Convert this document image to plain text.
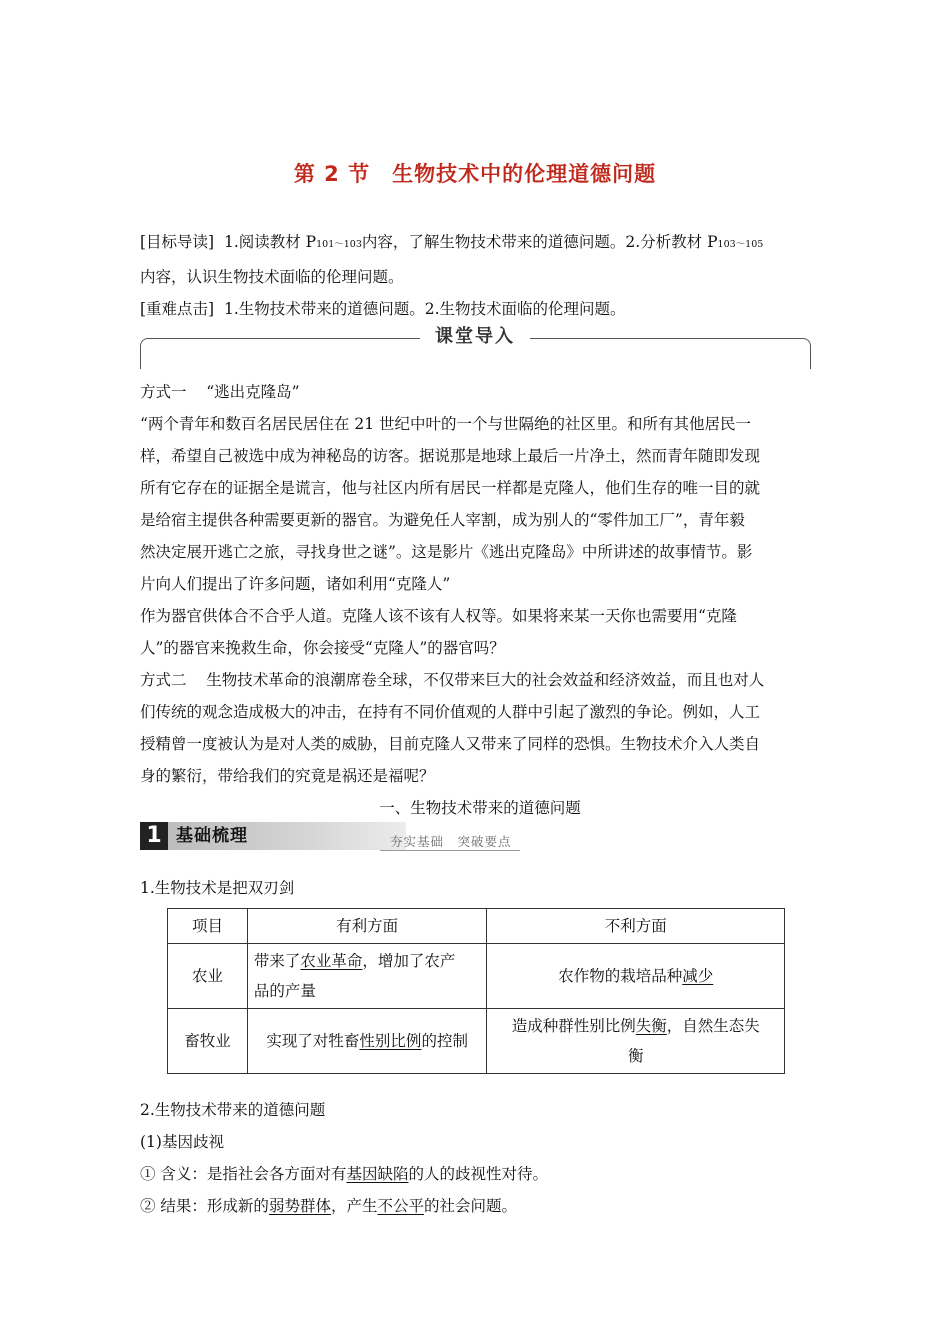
第 2 节　生物技术中的伦理道德问题
[目标导读] 1.阅读教材 P101～103内容，了解生物技术带来的道德问题。2.分析教材 P103～105
内容，认识生物技术面临的伦理问题。
[重难点击] 1.生物技术带来的道德问题。2.生物技术面临的伦理问题。
课堂导入
方式一 “逃出克隆岛”
“两个青年和数百名居民居住在 21 世纪中叶的一个与世隔绝的社区里。和所有其他居民一
样，希望自己被选中成为神秘岛的访客。据说那是地球上最后一片净土，然而青年随即发现
所有它存在的证据全是谎言，他与社区内所有居民一样都是克隆人，他们生存的唯一目的就
是给宿主提供各种需要更新的器官。为避免任人宰割，成为别人的“零件加工厂”，青年毅
然决定展开逃亡之旅，寻找身世之谜”。这是影片《逃出克隆岛》中所讲述的故事情节。影
片向人们提出了许多问题，诸如利用“克隆人”
作为器官供体合不合乎人道。克隆人该不该有人权等。如果将来某一天你也需要用“克隆
人”的器官来挽救生命，你会接受“克隆人”的器官吗？
方式二 生物技术革命的浪潮席卷全球，不仅带来巨大的社会效益和经济效益，而且也对人
们传统的观念造成极大的冲击，在持有不同价值观的人群中引起了激烈的争论。例如，人工
授精曾一度被认为是对人类的威胁，目前克隆人又带来了同样的恐惧。生物技术介入人类自
身的繁衍，带给我们的究竟是祸还是福呢？
一、生物技术带来的道德问题
1 基础梳理	夯实基础　突破要点
1.生物技术是把双刃剑
项目	有利方面	不利方面
农业	带来了农业革命，增加了农产
品的产量	农作物的栽培品种减少
畜牧业	实现了对牲畜性别比例的控制	造成种群性别比例失衡，自然生态失
衡
2.生物技术带来的道德问题
(1)基因歧视
① 含义：是指社会各方面对有基因缺陷的人的歧视性对待。
② 结果：形成新的弱势群体，产生不公平的社会问题。
